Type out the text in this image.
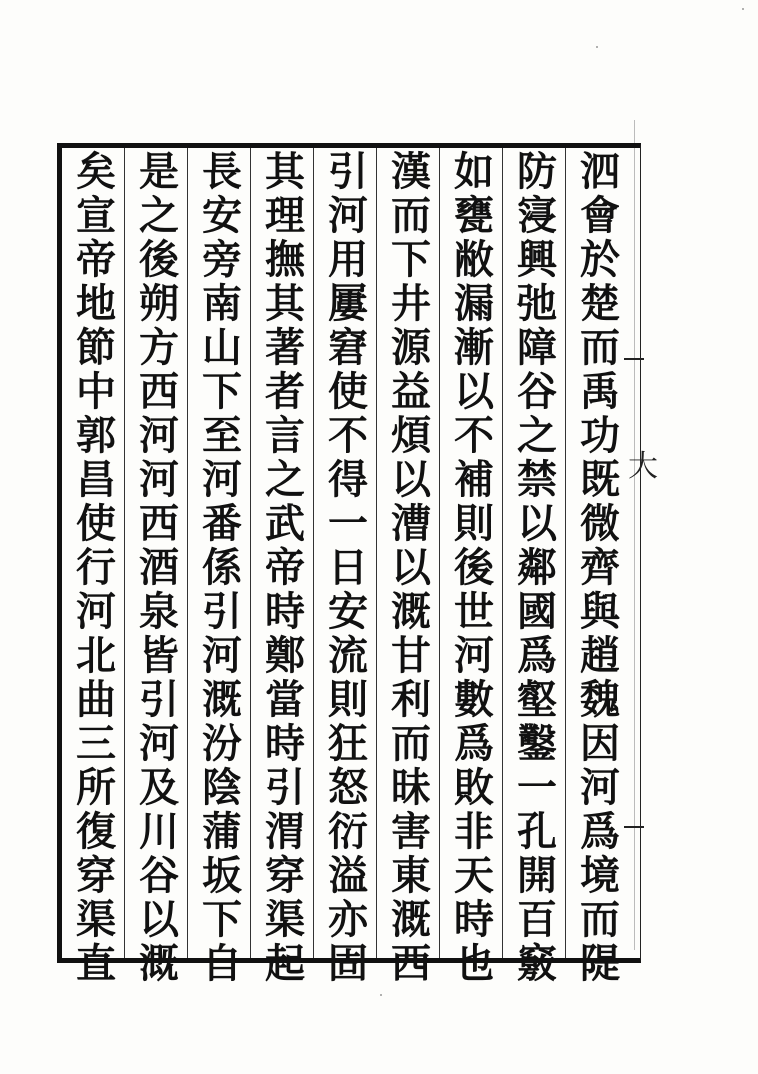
大
泗
會
於
楚
而
禹
功
既
微
齊
與
趙
魏
因
河
爲
境
而
隄
防
寖
興
弛
障
谷
之
禁
以
鄰
國
爲
壑
鑿
一
孔
開
百
竅
如
甕
敝
漏
漸
以
不
補
則
後
世
河
數
爲
敗
非
天
時
也
漢
而
下
井
源
益
煩
以
漕
以
溉
甘
利
而
昧
害
東
溉
西
引
河
用
屢
窘
使
不
得
一
日
安
流
則
狂
怒
衍
溢
亦
固
其
理
撫
其
著
者
言
之
武
帝
時
鄭
當
時
引
渭
穿
渠
起
長
安
旁
南
山
下
至
河
番
係
引
河
溉
汾
陰
蒲
坂
下
自
是
之
後
朔
方
西
河
河
西
酒
泉
皆
引
河
及
川
谷
以
溉
矣
宣
帝
地
節
中
郭
昌
使
行
河
北
曲
三
所
復
穿
渠
直
